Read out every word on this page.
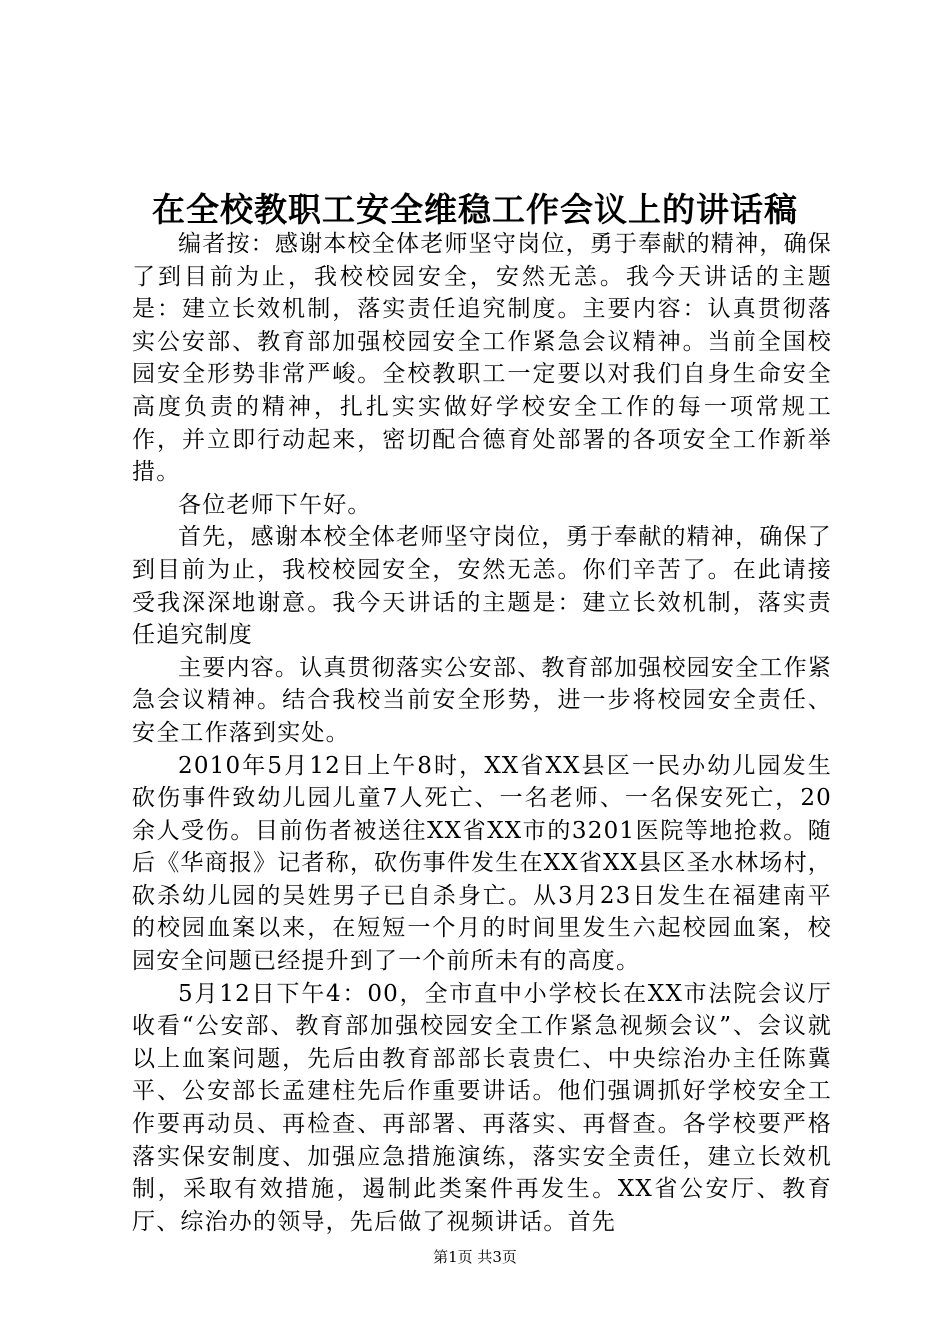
在全校教职工安全维稳工作会议上的讲话稿

编者按：感谢本校全体老师坚守岗位，勇于奉献的精神，确保了到目前为止，我校校园安全，安然无恙。我今天讲话的主题是：建立长效机制，落实责任追究制度。主要内容：认真贯彻落实公安部、教育部加强校园安全工作紧急会议精神。当前全国校园安全形势非常严峻。全校教职工一定要以对我们自身生命安全高度负责的精神，扎扎实实做好学校安全工作的每一项常规工作，并立即行动起来，密切配合德育处部署的各项安全工作新举措。

各位老师下午好。

首先，感谢本校全体老师坚守岗位，勇于奉献的精神，确保了到目前为止，我校校园安全，安然无恙。你们辛苦了。在此请接受我深深地谢意。我今天讲话的主题是：建立长效机制，落实责任追究制度

主要内容。认真贯彻落实公安部、教育部加强校园安全工作紧急会议精神。结合我校当前安全形势，进一步将校园安全责任、安全工作落到实处。

2010年5月12日上午8时，XX省XX县区一民办幼儿园发生砍伤事件致幼儿园儿童7人死亡、一名老师、一名保安死亡，20余人受伤。目前伤者被送往XX省XX市的3201医院等地抢救。随后《华商报》记者称，砍伤事件发生在XX省XX县区圣水林场村，砍杀幼儿园的吴姓男子已自杀身亡。从3月23日发生在福建南平的校园血案以来，在短短一个月的时间里发生六起校园血案，校园安全问题已经提升到了一个前所未有的高度。

5月12日下午4：00，全市直中小学校长在XX市法院会议厅收看“公安部、教育部加强校园安全工作紧急视频会议”、会议就以上血案问题，先后由教育部部长袁贵仁、中央综治办主任陈冀平、公安部长孟建柱先后作重要讲话。他们强调抓好学校安全工作要再动员、再检查、再部署、再落实、再督查。各学校要严格落实保安制度、加强应急措施演练，落实安全责任，建立长效机制，采取有效措施，遏制此类案件再发生。XX省公安厅、教育厅、综治办的领导，先后做了视频讲话。首先

第1页 共3页
